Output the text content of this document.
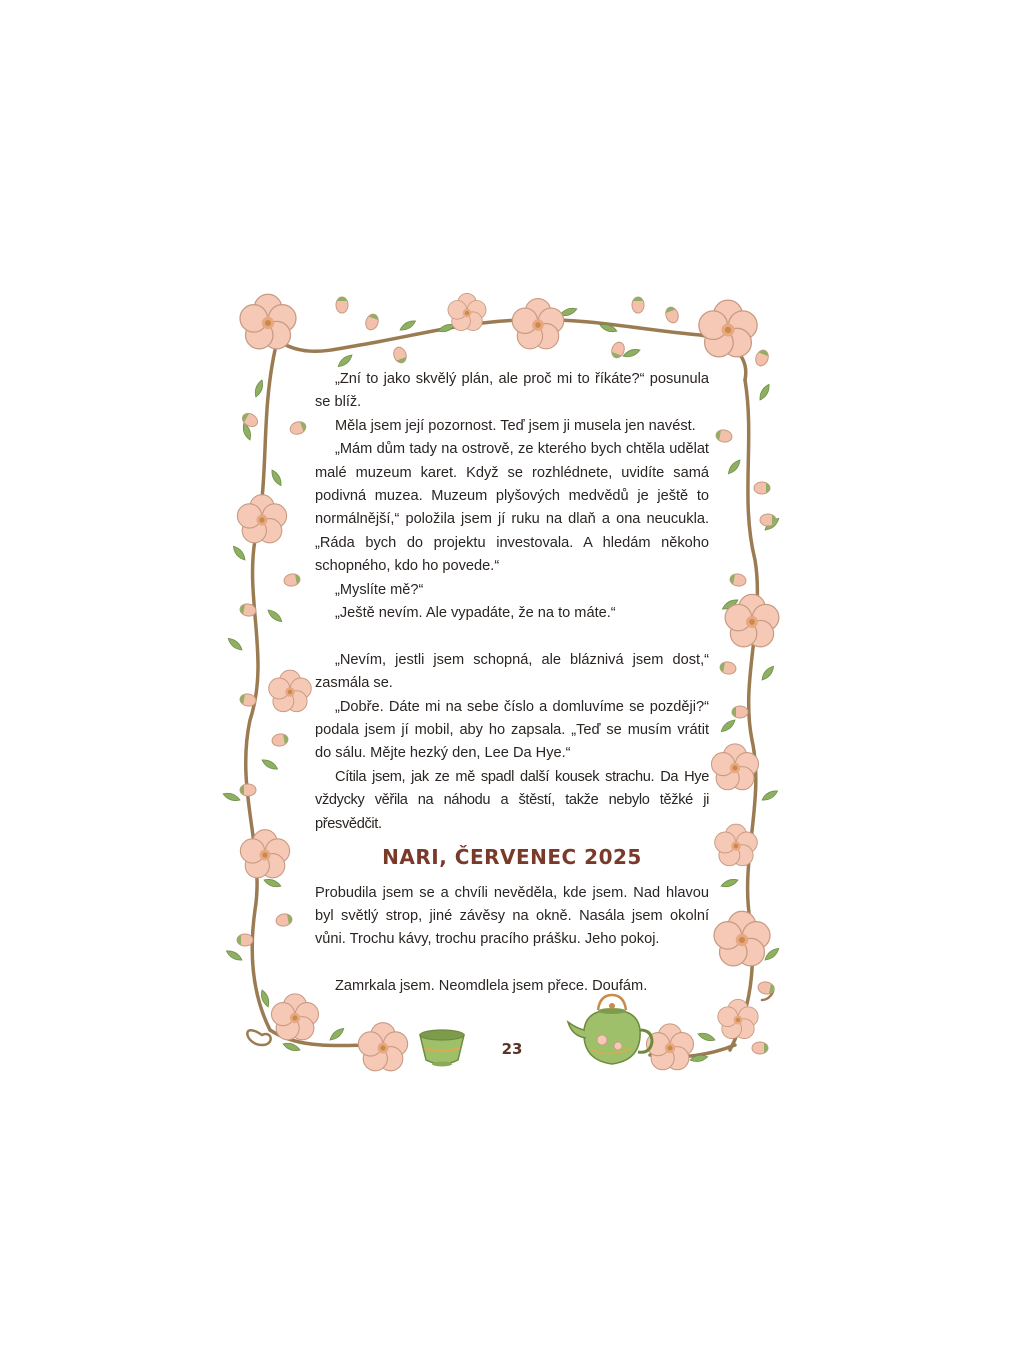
„Zní to jako skvělý plán, ale proč mi to říkáte?“ posunula se blíž.

Měla jsem její pozornost. Teď jsem ji musela jen navést.

„Mám dům tady na ostrově, ze kterého bych chtěla udělat malé muzeum karet. Když se rozhlédnete, uvidíte samá podivná muzea. Muzeum plyšových medvědů je ještě to normálnější,“ položila jsem jí ruku na dlaň a ona neucukla. „Ráda bych do projektu investovala. A hledám někoho schopného, kdo ho povede.“

„Myslíte mě?“

„Ještě nevím. Ale vypadáte, že na to máte.“

„Nevím, jestli jsem schopná, ale bláznivá jsem dost,“ zasmála se.

„Dobře. Dáte mi na sebe číslo a domluvíme se později?“ podala jsem jí mobil, aby ho zapsala. „Teď se musím vrátit do sálu. Mějte hezký den, Lee Da Hye.“

Cítila jsem, jak ze mě spadl další kousek strachu. Da Hye vždycky věřila na náhodu a štěstí, takže nebylo těžké ji přesvědčit.

NARI, ČERVENEC 2025

Probudila jsem se a chvíli nevěděla, kde jsem. Nad hlavou byl světlý strop, jiné závěsy na okně. Nasála jsem okolní vůni. Trochu kávy, trochu pracího prášku. Jeho pokoj.

Zamrkala jsem. Neomdlela jsem přece. Doufám.

23
